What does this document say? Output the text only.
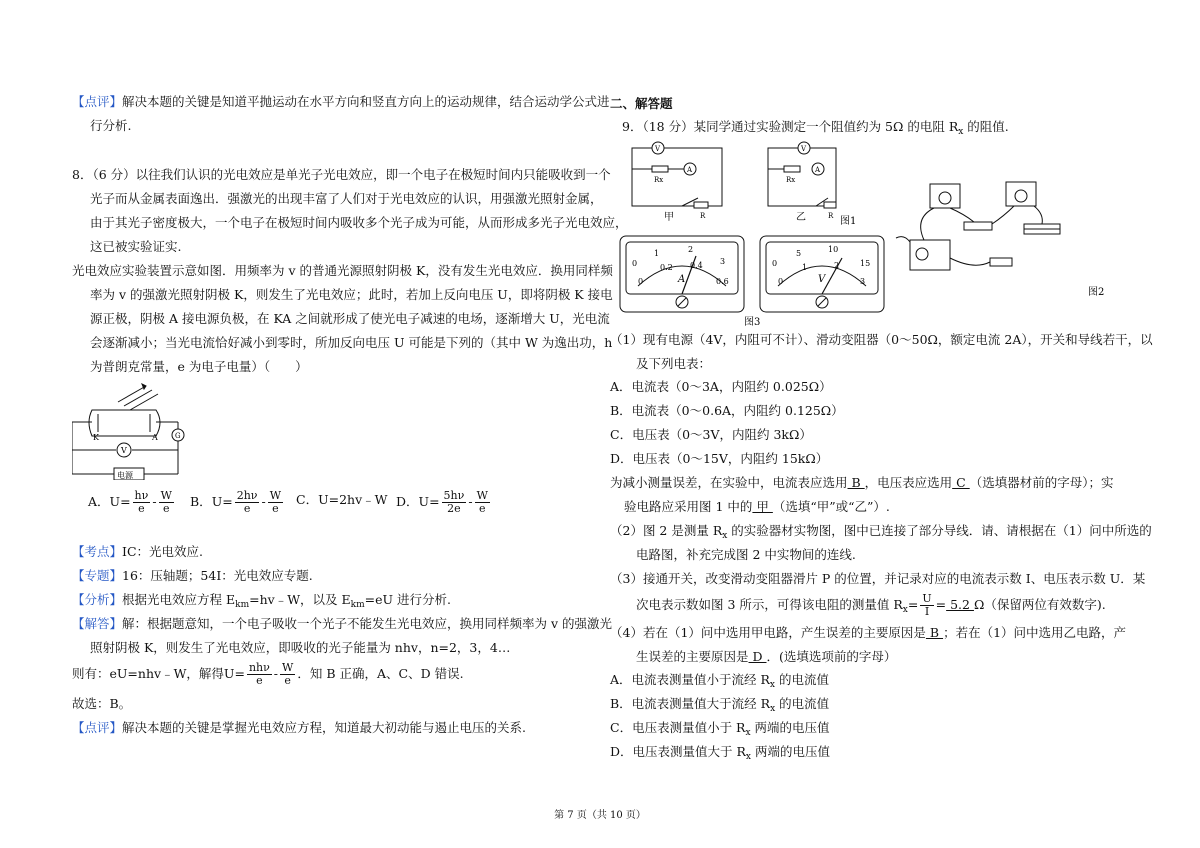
【点评】解决本题的关键是知道平抛运动在水平方向和竖直方向上的运动规律，结合运动学公式进
行分析.
8．（6 分）以往我们认识的光电效应是单光子光电效应，即一个电子在极短时间内只能吸收到一个
光子而从金属表面逸出．强激光的出现丰富了人们对于光电效应的认识，用强激光照射金属，
由于其光子密度极大，一个电子在极短时间内吸收多个光子成为可能，从而形成多光子光电效应，
这已被实验证实.
光电效应实验装置示意如图．用频率为 v 的普通光源照射阴极 K，没有发生光电效应．换用同样频
率为 v 的强激光照射阴极 K，则发生了光电效应；此时，若加上反向电压 U，即将阴极 K 接电
源正极，阴极 A 接电源负极，在 KA 之间就形成了使光电子减速的电场，逐渐增大 U，光电流
会逐渐减小；当光电流恰好减小到零时，所加反向电压 U 可能是下列的（其中 W 为逸出功，h
为普朗克常量，e 为电子电量）（　　）
K	A
V
G
电源
A．$U= \frac{h\nu}{e} - \frac{W}{e}$ B．$U= \frac{2h\nu}{e} - \frac{W}{e}$ C．U=2hv﹣W D．$U= \frac{5h\nu}{2e} - \frac{W}{e}$
【考点】IC：光电效应.
【专题】16：压轴题；54I：光电效应专题.
【分析】根据光电效应方程 $E_{km}=hv﹣W$，以及 $E_{km}=eU$ 进行分析.
【解答】解：根据题意知，一个电子吸收一个光子不能发生光电效应，换用同样频率为 v 的强激光
照射阴极 K，则发生了光电效应，即吸收的光子能量为 nhv，n=2，3，4…
则有：eU=nhv﹣W，解得$U= \frac{\text{nhν}}{e} - \frac{W}{e}$ ．知 B 正确，A、C、D 错误.
故选：B。
【点评】解决本题的关键是掌握光电效应方程，知道最大初动能与遏止电压的关系.
二、解答题
9．（18 分）某同学通过实验测定一个阻值约为 5Ω 的电阻 $R_x$ 的阻值.
V
A
Rx
R
甲
V
A
Rx
R
乙	图1
图2
0
1	2
3
0
0.2 0.4
0.6
A
0
5	10
15
0
1	2
3
V
图3
（1）现有电源（4V，内阻可不计）、滑动变阻器（0～50Ω，额定电流 2A），开关和导线若干，以
及下列电表：
A．电流表（0～3A，内阻约 0.025Ω）
B．电流表（0～0.6A，内阻约 0.125Ω）
C．电压表（0～3V，内阻约 3kΩ）
D．电压表（0～15V，内阻约 15kΩ）
为减小测量误差，在实验中，电流表应选用 B ，电压表应选用 C （选填器材前的字母）；实
验电路应采用图 1 中的 甲 （选填“甲”或“乙”）.
（2）图 2 是测量 $R_x$ 的实验器材实物图，图中已连接了部分导线．请、请根据在（1）问中所选的
电路图，补充完成图 2 中实物间的连线.
（3）接通开关，改变滑动变阻器滑片 P 的位置，并记录对应的电流表示数 I、电压表示数 U．某
次电表示数如图 3 所示，可得该电阻的测量值 $R_x= \frac{U}{I} = 5.2$ Ω（保留两位有效数字).
（4）若在（1）问中选用甲电路，产生误差的主要原因是 B ；若在（1）问中选用乙电路，产
生误差的主要原因是 D ．(选填选项前的字母）
A．电流表测量值小于流经 $R_x$ 的电流值
B．电流表测量值大于流经 $R_x$ 的电流值
C．电压表测量值小于 $R_x$ 两端的电压值
D．电压表测量值大于 $R_x$ 两端的电压值
第 7 页（共 10 页）
